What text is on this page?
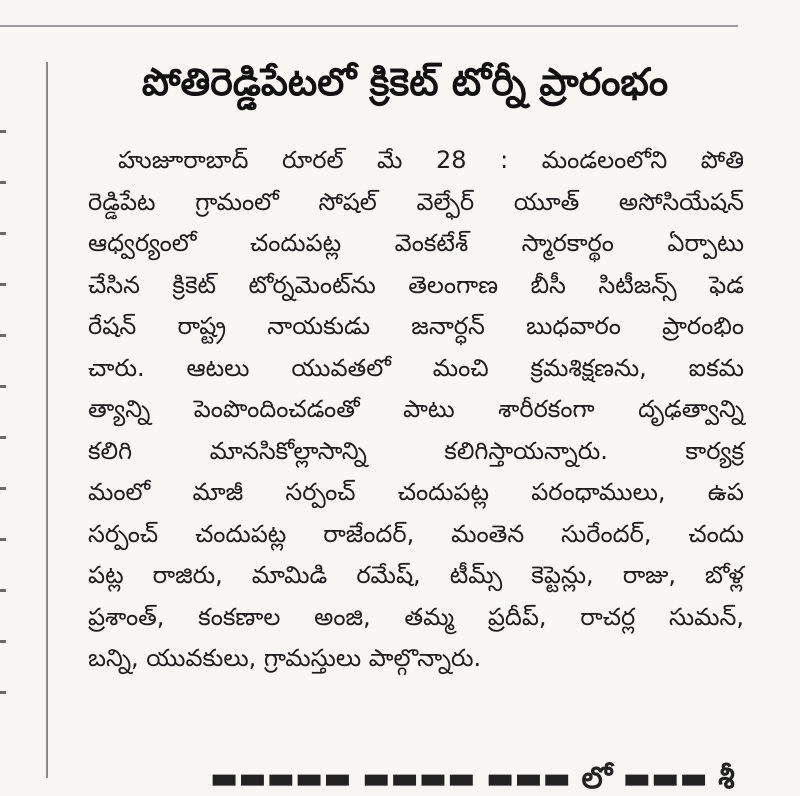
పోతిరెడ్డిపేటలో క్రికెట్ టోర్నీ ప్రారంభం
హుజూరాబాద్ రూరల్ మే 28 : మండలంలోని పోతి
రెడ్డిపేట గ్రామంలో సోషల్ వెల్ఫేర్ యూత్ అసోసియేషన్
ఆధ్వర్యంలో చందుపట్ల వెంకటేశ్ స్మారకార్థం ఏర్పాటు
చేసిన క్రికెట్ టోర్నమెంట్‌ను తెలంగాణ బీసీ సిటీజన్స్ ఫెడ
రేషన్ రాష్ట్ర నాయకుడు జనార్ధన్ బుధవారం ప్రారంభిం
చారు. ఆటలు యువతలో మంచి క్రమశిక్షణను, ఐకమ
త్యాన్ని పెంపొందించడంతో పాటు శారీరకంగా దృఢత్వాన్ని
కలిగి మానసికోల్లాసాన్ని కలిగిస్తాయన్నారు. కార్యక్ర
మంలో మాజీ సర్పంచ్ చందుపట్ల పరంధాములు, ఉప
సర్పంచ్ చందుపట్ల రాజేందర్, మంతెన సురేందర్, చందు
పట్ల రాజిరు, మామిడి రమేష్, టీమ్స్ కెప్టెన్లు, రాజు, బోళ్ల
ప్రశాంత్, కంకణాల అంజి, తమ్మ ప్రదీప్, రాచర్ల సుమన్,
బన్ని, యువకులు, గ్రామస్తులు పాల్గొన్నారు.
▬▬▬▬▬ ▬▬▬▬ ▬▬▬ లో ▬▬▬ శీ
